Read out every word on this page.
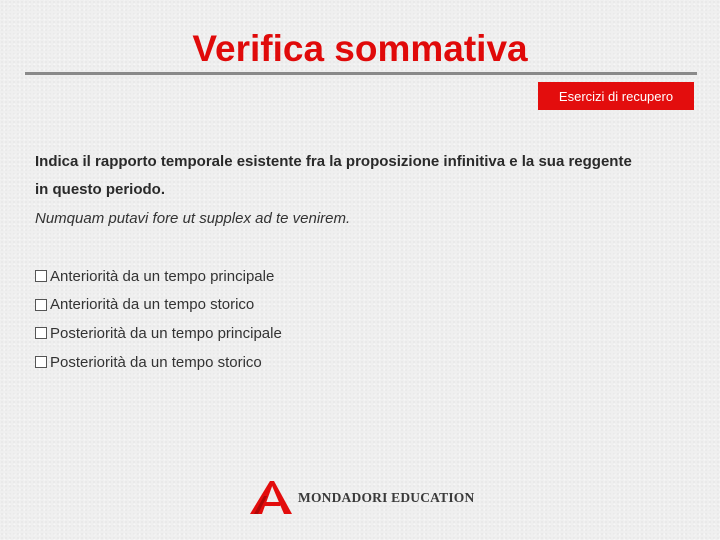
Verifica sommativa
Esercizi di recupero
Indica il rapporto temporale esistente fra la proposizione infinitiva e la sua reggente
in questo periodo.
Numquam putavi fore ut supplex ad te venirem.
Anteriorità da un tempo principale
Anteriorità da un tempo storico
Posteriorità da un tempo principale
Posteriorità da un tempo storico
MONDADORI EDUCATION
